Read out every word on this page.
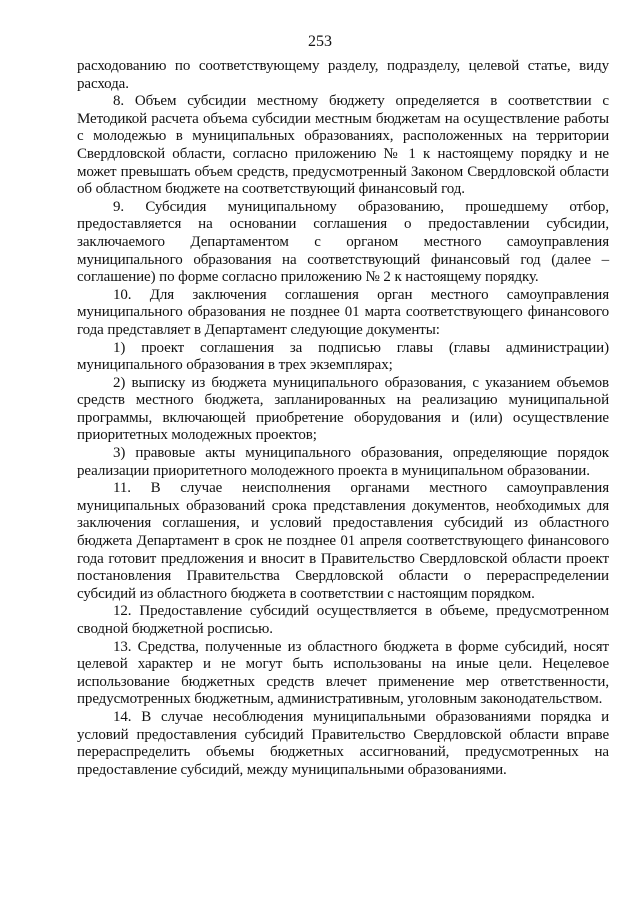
253

расходованию по соответствующему разделу, подразделу, целевой статье, виду расхода.

8. Объем субсидии местному бюджету определяется в соответствии с Методикой расчета объема субсидии местным бюджетам на осуществление работы с молодежью в муниципальных образованиях, расположенных на территории Свердловской области, согласно приложению № 1 к настоящему порядку и не может превышать объем средств, предусмотренный Законом Свердловской области об областном бюджете на соответствующий финансовый год.

9. Субсидия муниципальному образованию, прошедшему отбор, предоставляется на основании соглашения о предоставлении субсидии, заключаемого Департаментом с органом местного самоуправления муниципального образования на соответствующий финансовый год (далее – соглашение) по форме согласно приложению № 2 к настоящему порядку.

10. Для заключения соглашения орган местного самоуправления муниципального образования не позднее 01 марта соответствующего финансового года представляет в Департамент следующие документы:

1) проект соглашения за подписью главы (главы администрации) муниципального образования в трех экземплярах;

2) выписку из бюджета муниципального образования, с указанием объемов средств местного бюджета, запланированных на реализацию муниципальной программы, включающей приобретение оборудования и (или) осуществление приоритетных молодежных проектов;

3) правовые акты муниципального образования, определяющие порядок реализации приоритетного молодежного проекта в муниципальном образовании.

11. В случае неисполнения органами местного самоуправления муниципальных образований срока представления документов, необходимых для заключения соглашения, и условий предоставления субсидий из областного бюджета Департамент в срок не позднее 01 апреля соответствующего финансового года готовит предложения и вносит в Правительство Свердловской области проект постановления Правительства Свердловской области о перераспределении субсидий из областного бюджета в соответствии с настоящим порядком.

12. Предоставление субсидий осуществляется в объеме, предусмотренном сводной бюджетной росписью.

13. Средства, полученные из областного бюджета в форме субсидий, носят целевой характер и не могут быть использованы на иные цели. Нецелевое использование бюджетных средств влечет применение мер ответственности, предусмотренных бюджетным, административным, уголовным законодательством.

14. В случае несоблюдения муниципальными образованиями порядка и условий предоставления субсидий Правительство Свердловской области вправе перераспределить объемы бюджетных ассигнований, предусмотренных на предоставление субсидий, между муниципальными образованиями.
